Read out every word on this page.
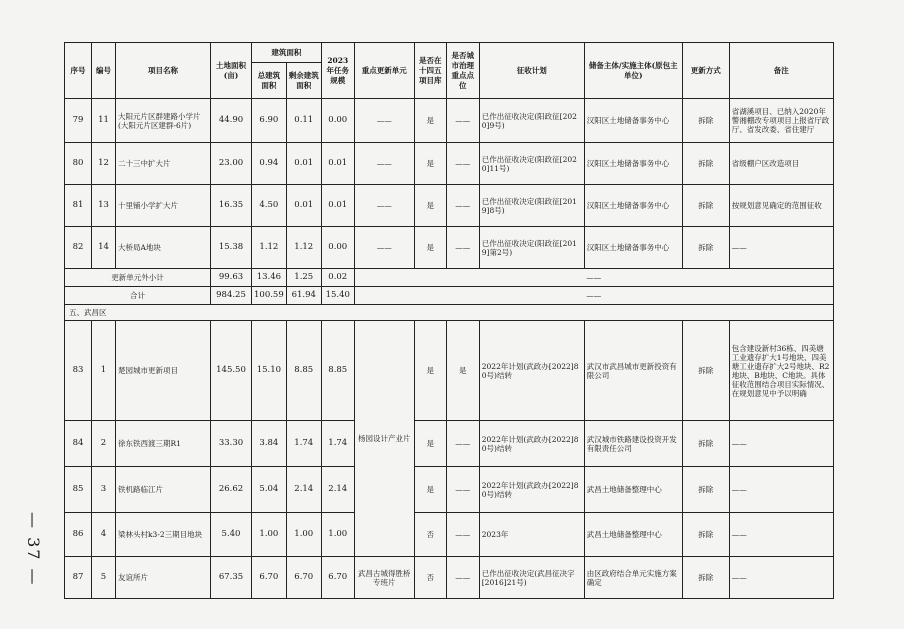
序号	编号	项目名称	土地面积(亩)	建筑面积		2023年任务规模	重点更新单元	是否在十四五项目库	是否城市治理重点点位	征收计划	储备主体/实施主体(原包主单位)	更新方式	备注
				总建筑面积	剩余建筑面积								
79	11	大阳元片区群建路小学片(大阳元片区建群-6片)	44.90	6.90	0.11	0.00	——	是	——	已作出征收决定(阳政征[2020]9号)	汉阳区土地储备事务中心	拆除	省湖溪项目、已纳入2020年警湘棚改专项项目上报省厅政厅、省发改委、省住建厅
80	12	二十三中扩大片	23.00	0.94	0.01	0.01	——	是	——	已作出征收决定(阳政征[2020]11号)	汉阳区土地储备事务中心	拆除	省级棚户区改造项目
81	13	十里铺小学扩大片	16.35	4.50	0.01	0.01	——	是	——	已作出征收决定(阳政征[2019]8号)	汉阳区土地储备事务中心	拆除	按规划意见确定的范围征收
82	14	大桥局A地块	15.38	1.12	1.12	0.00	——	是	——	已作出征收决定(阳政征[2019]第2号)	汉阳区土地储备事务中心	拆除	——
更新单元外小计			99.63	13.46	1.25	0.02	——						
合计			984.25	100.59	61.94	15.40	——						
五、武昌区													
83	1	楚园城市更新项目	145.50	15.10	8.85	8.85	杨园设计产业片	是	是	2022年计划(武政办[2022]80号)结转	武汉市武昌城市更新投资有限公司	拆除	包含建设新村36栋、四美塘工业遗存扩大1号地块、四美塘工业遗存扩大2号地块、R2地块、B地块、C地块。具体征收范围结合项目实际情况、在规划意见中予以明确
84	2	徐东铁西渡三期R1	33.30	3.84	1.74	1.74		是	——	2022年计划(武政办[2022]80号)结转	武汉城市铁路建设投资开发有限责任公司	拆除	——
85	3	铁机路临江片	26.62	5.04	2.14	2.14		是	——	2022年计划(武政办[2022]80号)结转	武昌土地储备整理中心	拆除	——
86	4	梁林头村k3-2三期目地块	5.40	1.00	1.00	1.00		否	——	2023年	武昌土地储备整理中心	拆除	——
87	5	友谊所片	67.35	6.70	6.70	6.70	武昌古城得胜桥专班片	否	——	已作出征收决定(武昌征决字[2016]21号)	由区政府结合单元实施方案确定	拆除	——
— 37 —
